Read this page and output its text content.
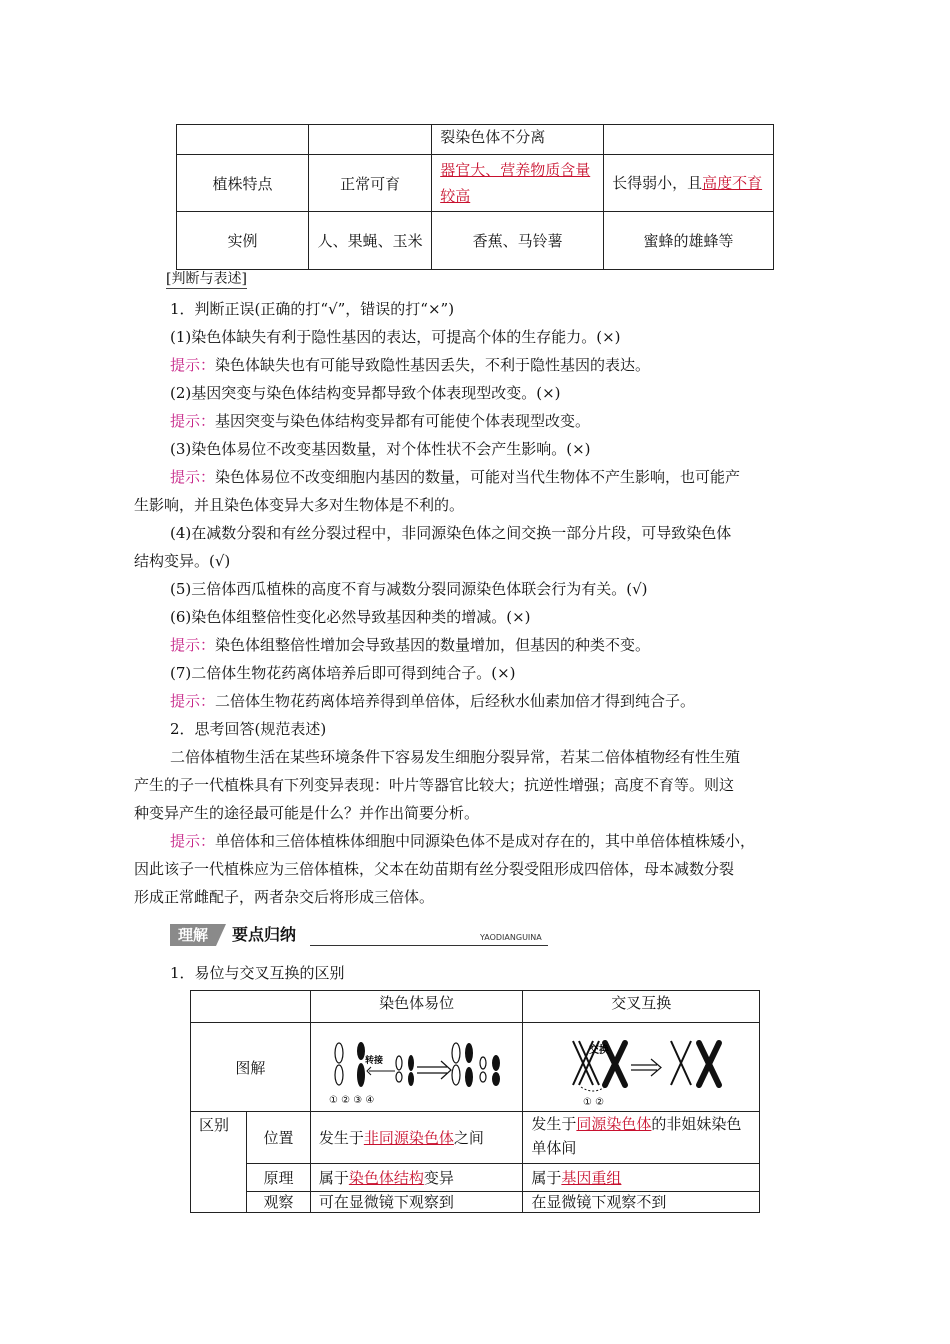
		裂染色体不分离	
植株特点	正常可育	器官大、营养物质含量较高	长得弱小，且高度不育
实例	人、果蝇、玉米	香蕉、马铃薯	蜜蜂的雄蜂等
[判断与表述]
1．判断正误(正确的打“√”，错误的打“×”)
(1)染色体缺失有利于隐性基因的表达，可提高个体的生存能力。(×)
提示：染色体缺失也有可能导致隐性基因丢失，不利于隐性基因的表达。
(2)基因突变与染色体结构变异都导致个体表现型改变。(×)
提示：基因突变与染色体结构变异都有可能使个体表现型改变。
(3)染色体易位不改变基因数量，对个体性状不会产生影响。(×)
提示：染色体易位不改变细胞内基因的数量，可能对当代生物体不产生影响，也可能产
生影响，并且染色体变异大多对生物体是不利的。
(4)在减数分裂和有丝分裂过程中，非同源染色体之间交换一部分片段，可导致染色体
结构变异。(√)
(5)三倍体西瓜植株的高度不育与减数分裂同源染色体联会行为有关。(√)
(6)染色体组整倍性变化必然导致基因种类的增减。(×)
提示：染色体组整倍性增加会导致基因的数量增加，但基因的种类不变。
(7)二倍体生物花药离体培养后即可得到纯合子。(×)
提示：二倍体生物花药离体培养得到单倍体，后经秋水仙素加倍才得到纯合子。
2．思考回答(规范表述)
二倍体植物生活在某些环境条件下容易发生细胞分裂异常，若某二倍体植物经有性生殖
产生的子一代植株具有下列变异表现：叶片等器官比较大；抗逆性增强；高度不育等。则这
种变异产生的途径最可能是什么？并作出简要分析。
提示：单倍体和三倍体植株体细胞中同源染色体不是成对存在的，其中单倍体植株矮小，
因此该子一代植株应为三倍体植株，父本在幼苗期有丝分裂受阻形成四倍体，母本减数分裂
形成正常雌配子，两者杂交后将形成三倍体。
理解	要点归纳	YAODIANGUINA
1．易位与交叉互换的区别
		染色体易位	交叉互换
图解		转接
① ② ③ ④	交换
① ②

区别	位置	发生于非同源染色体之间	发生于同源染色体的非姐妹染色单体间
	原理	属于染色体结构变异	属于基因重组
	观察	可在显微镜下观察到	在显微镜下观察不到
